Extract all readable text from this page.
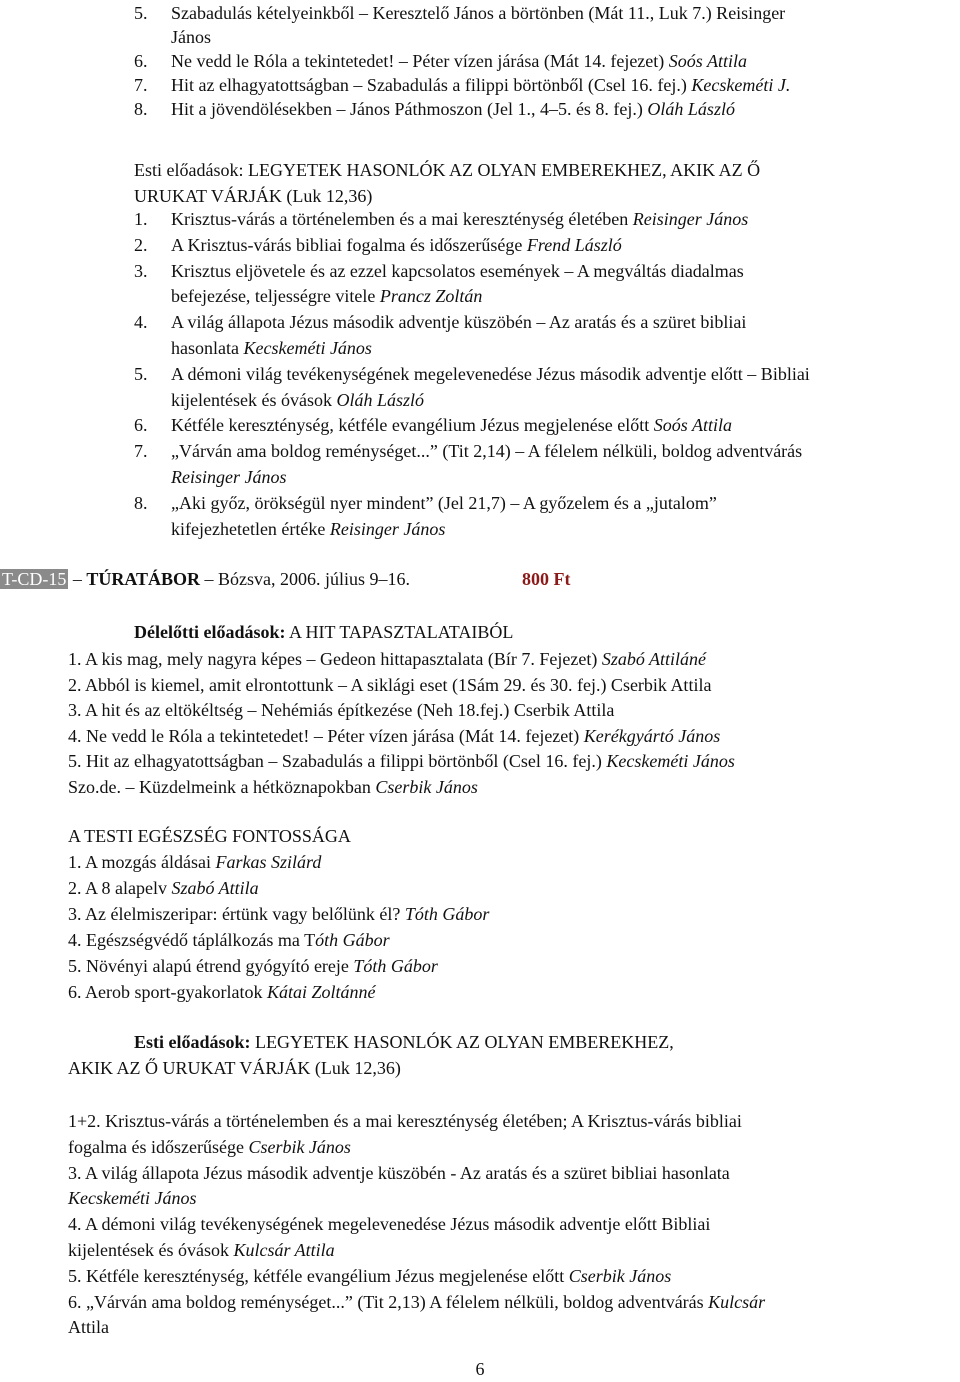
5. Szabadulás kételyeinkből – Keresztelő János a börtönben (Mát 11., Luk 7.) Reisinger
János
6. Ne vedd le Róla a tekintetedet! – Péter vízen járása (Mát 14. fejezet) Soós Attila
7. Hit az elhagyatottságban – Szabadulás a filippi börtönből (Csel 16. fej.) Kecskeméti J.
8. Hit a jövendölésekben – János Páthmoszon (Jel 1., 4–5. és 8. fej.) Oláh László
Esti előadások: LEGYETEK HASONLÓK AZ OLYAN EMBEREKHEZ, AKIK AZ Ő
URUKAT VÁRJÁK (Luk 12,36)
1. Krisztus-várás a történelemben és a mai kereszténység életében Reisinger János
2. A Krisztus-várás bibliai fogalma és időszerűsége Frend László
3. Krisztus eljövetele és az ezzel kapcsolatos események – A megváltás diadalmas
befejezése, teljességre vitele Prancz Zoltán
4. A világ állapota Jézus második adventje küszöbén – Az aratás és a szüret bibliai
hasonlata Kecskeméti János
5. A démoni világ tevékenységének megelevenedése Jézus második adventje előtt – Bibliai
kijelentések és óvások Oláh László
6. Kétféle kereszténység, kétféle evangélium Jézus megjelenése előtt Soós Attila
7. „Várván ama boldog reménységet...” (Tit 2,14) – A félelem nélküli, boldog adventvárás
Reisinger János
8. „Aki győz, örökségül nyer mindent” (Jel 21,7) – A győzelem és a „jutalom”
kifejezhetetlen értéke Reisinger János
T-CD-15 – TÚRATÁBOR – Bózsva, 2006. július 9–16.	800 Ft
Délelőtti előadások: A HIT TAPASZTALATAIBÓL
1. A kis mag, mely nagyra képes – Gedeon hittapasztalata (Bír 7. Fejezet) Szabó Attiláné
2. Abból is kiemel, amit elrontottunk – A siklági eset (1Sám 29. és 30. fej.) Cserbik Attila
3. A hit és az eltökéltség – Nehémiás építkezése (Neh 18.fej.) Cserbik Attila
4. Ne vedd le Róla a tekintetedet! – Péter vízen járása (Mát 14. fejezet) Kerékgyártó János
5. Hit az elhagyatottságban – Szabadulás a filippi börtönből (Csel 16. fej.) Kecskeméti János
Szo.de. – Küzdelmeink a hétköznapokban Cserbik János
A TESTI EGÉSZSÉG FONTOSSÁGA
1. A mozgás áldásai Farkas Szilárd
2. A 8 alapelv Szabó Attila
3. Az élelmiszeripar: értünk vagy belőlünk él? Tóth Gábor
4. Egészségvédő táplálkozás ma Tóth Gábor
5. Növényi alapú étrend gyógyító ereje Tóth Gábor
6. Aerob sport-gyakorlatok Kátai Zoltánné
Esti előadások: LEGYETEK HASONLÓK AZ OLYAN EMBEREKHEZ,
AKIK AZ Ő URUKAT VÁRJÁK (Luk 12,36)
1+2. Krisztus-várás a történelemben és a mai kereszténység életében; A Krisztus-várás bibliai
fogalma és időszerűsége Cserbik János
3. A világ állapota Jézus második adventje küszöbén - Az aratás és a szüret bibliai hasonlata
Kecskeméti János
4. A démoni világ tevékenységének megelevenedése Jézus második adventje előtt Bibliai
kijelentések és óvások Kulcsár Attila
5. Kétféle kereszténység, kétféle evangélium Jézus megjelenése előtt Cserbik János
6. „Várván ama boldog reménységet...” (Tit 2,13) A félelem nélküli, boldog adventvárás Kulcsár
Attila
6
